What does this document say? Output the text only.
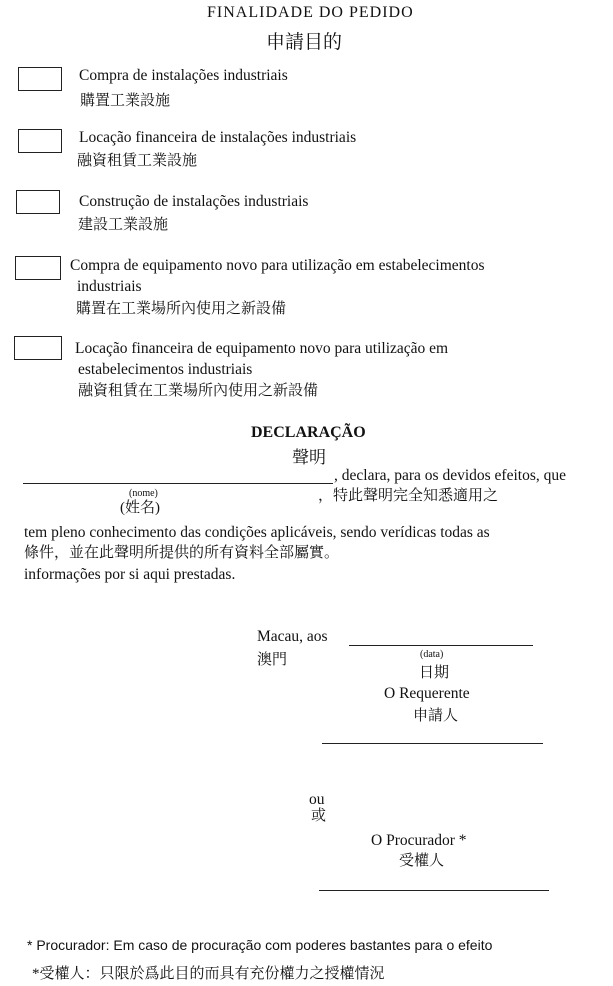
FINALIDADE DO PEDIDO
申請目的
Compra de instalações industriais
購置工業設施
Locação financeira de instalações industriais
融資租賃工業設施
Construção de instalações industriais
建設工業設施
Compra de equipamento novo para utilização em estabelecimentos
industriais
購置在工業場所內使用之新設備
Locação financeira de equipamento novo para utilização em
estabelecimentos industriais
融資租賃在工業場所內使用之新設備
DECLARAÇÃO
聲明
, declara, para os devidos efeitos, que
(nome)
(姓名)
，特此聲明完全知悉適用之
tem pleno conhecimento das condições aplicáveis, sendo verídicas todas as
條件，並在此聲明所提供的所有資料全部屬實。
informações por si aqui prestadas.
Macau, aos
澳門	(data)
日期
O Requerente
申請人
ou
或
O Procurador *
受權人
* Procurador: Em caso de procuração com poderes bastantes para o efeito
*受權人：只限於爲此目的而具有充份權力之授權情況
